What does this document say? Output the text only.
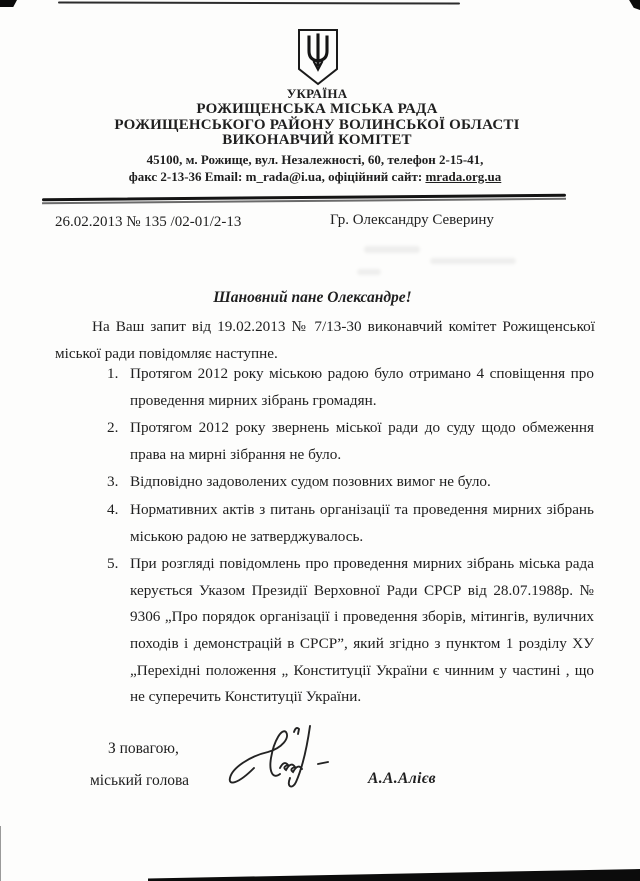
УКРАЇНА
РОЖИЩЕНСЬКА МІСЬКА РАДА
РОЖИЩЕНСЬКОГО РАЙОНУ ВОЛИНСЬКОЇ ОБЛАСТІ
ВИКОНАВЧИЙ КОМІТЕТ
45100, м. Рожище, вул. Незалежності, 60, телефон 2-15-41,
факс 2-13-36 Email: m_rada@i.ua, офіційний сайт: mrada.org.ua
26.02.2013 № 135 /02-01/2-13	Гр. Олександру Северину
Шановний пане Олександре!
На Ваш запит від 19.02.2013 № 7/13-30 виконавчий комітет Рожищенської міської ради повідомляє наступне.
1. Протягом 2012 року міською радою було отримано 4 сповіщення про проведення мирних зібрань громадян.
2. Протягом 2012 року звернень міської ради до суду щодо обмеження права на мирні зібрання не було.
3. Відповідно задоволених судом позовних вимог не було.
4. Нормативних актів з питань організації та проведення мирних зібрань міською радою не затверджувалось.
5. При розгляді повідомлень про проведення мирних зібрань міська рада керується Указом Президії Верховної Ради СРСР від 28.07.1988р. № 9306 „Про порядок організації і проведення зборів, мітингів, вуличних походів і демонстрацій в СРСР”, який згідно з пунктом 1 розділу ХУ „Перехідні положення „ Конституції України є чинним у частині , що не суперечить Конституції України.
З повагою,
міський голова	А.А.Алієв
